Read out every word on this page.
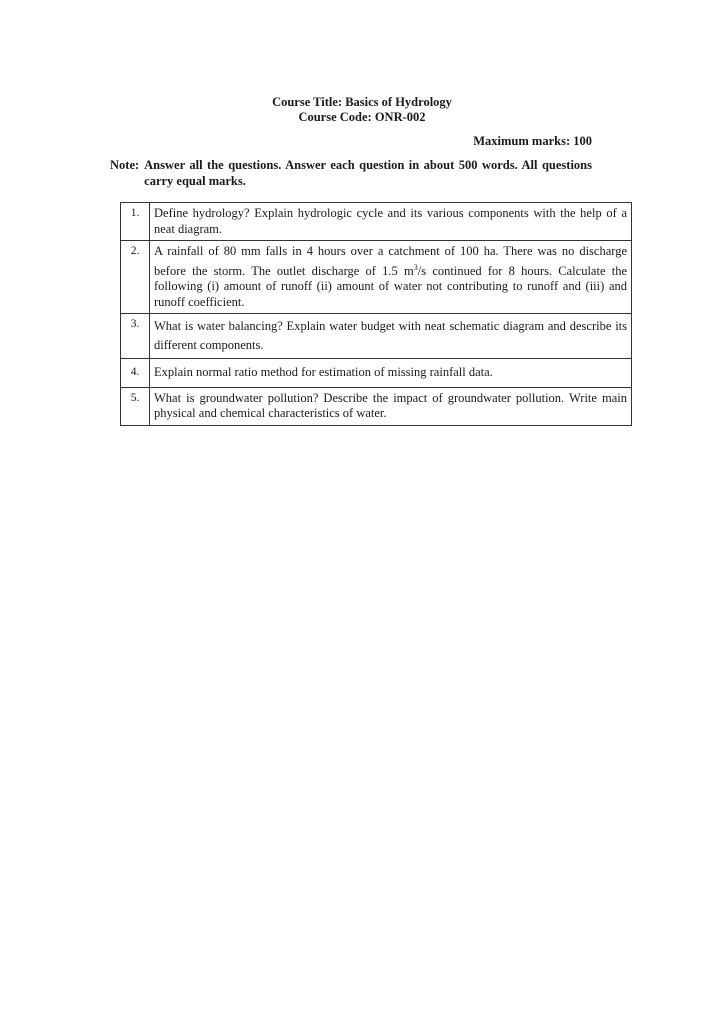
Course Title: Basics of Hydrology
Course Code: ONR-002
Maximum marks: 100
Note: Answer all the questions. Answer each question in about 500 words. All questions carry equal marks.
1.	Define hydrology? Explain hydrologic cycle and its various components with the help of a neat diagram.
2.	A rainfall of 80 mm falls in 4 hours over a catchment of 100 ha. There was no discharge before the storm. The outlet discharge of 1.5 $m^3/s$ continued for 8 hours. Calculate the following (i) amount of runoff (ii) amount of water not contributing to runoff and (iii) and runoff coefficient.
3.	What is water balancing? Explain water budget with neat schematic diagram and describe its different components.
4.	Explain normal ratio method for estimation of missing rainfall data.
5.	What is groundwater pollution? Describe the impact of groundwater pollution. Write main physical and chemical characteristics of water.
